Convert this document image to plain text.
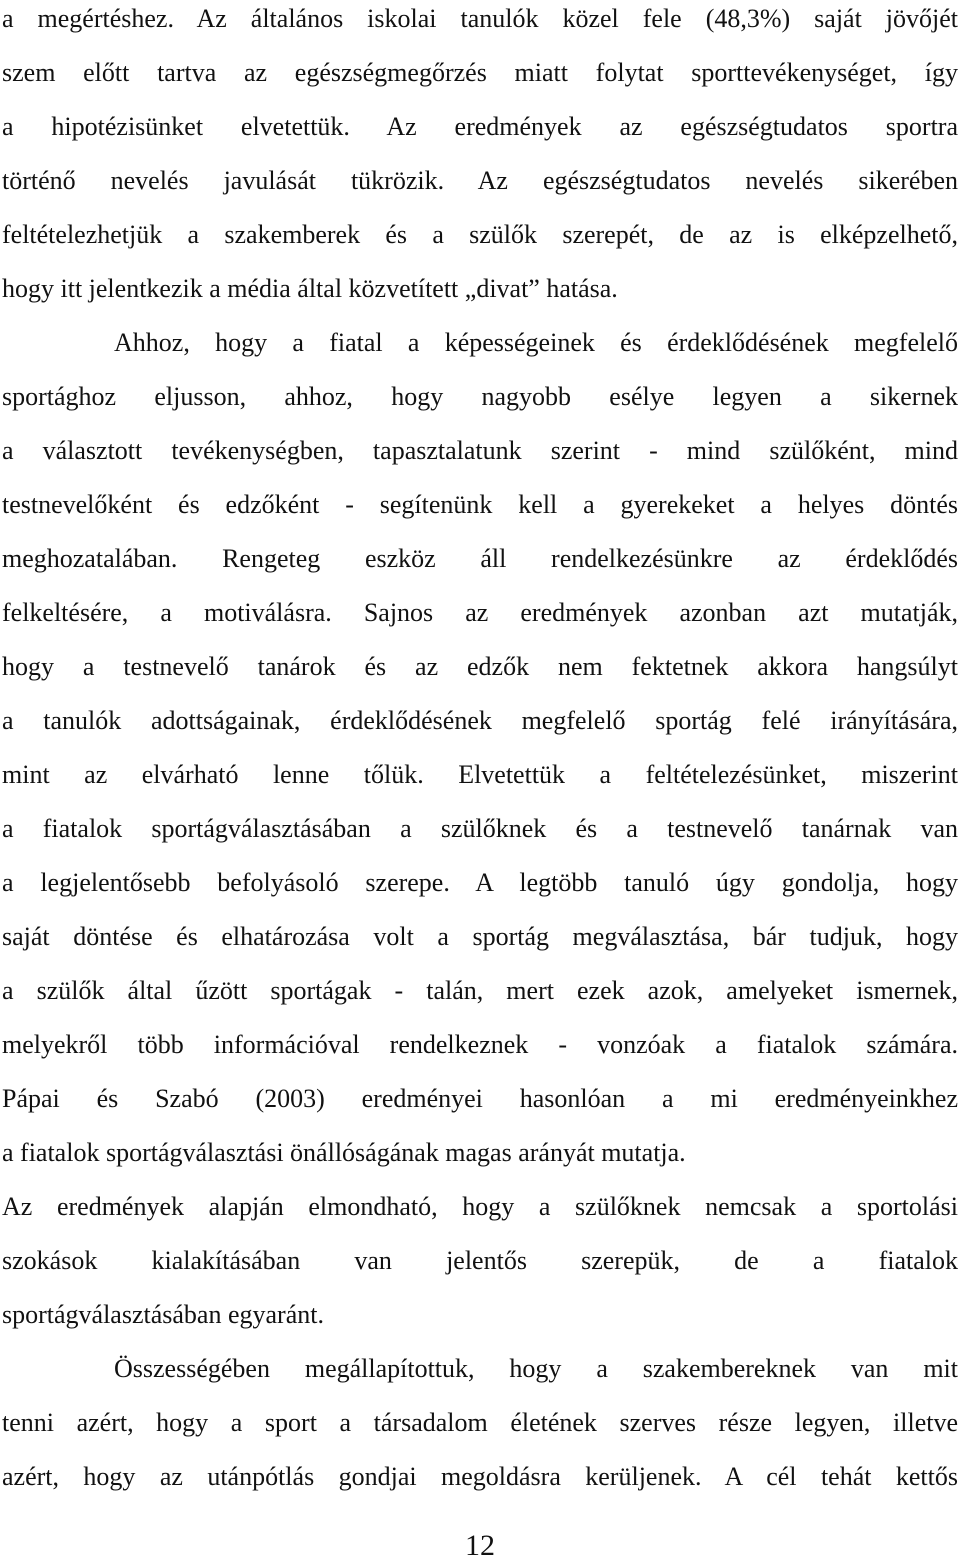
a megértéshez. Az általános iskolai tanulók közel fele (48,3%) saját jövőjét
szem előtt tartva az egészségmegőrzés miatt folytat sporttevékenységet, így
a hipotézisünket elvetettük. Az eredmények az egészségtudatos sportra
történő nevelés javulását tükrözik. Az egészségtudatos nevelés sikerében
feltételezhetjük a szakemberek és a szülők szerepét, de az is elképzelhető,
hogy itt jelentkezik a média által közvetített „divat” hatása.
Ahhoz, hogy a fiatal a képességeinek és érdeklődésének megfelelő
sportághoz eljusson, ahhoz, hogy nagyobb esélye legyen a sikernek
a választott tevékenységben, tapasztalatunk szerint - mind szülőként, mind
testnevelőként és edzőként - segítenünk kell a gyerekeket a helyes döntés
meghozatalában. Rengeteg eszköz áll rendelkezésünkre az érdeklődés
felkeltésére, a motiválásra. Sajnos az eredmények azonban azt mutatják,
hogy a testnevelő tanárok és az edzők nem fektetnek akkora hangsúlyt
a tanulók adottságainak, érdeklődésének megfelelő sportág felé irányítására,
mint az elvárható lenne tőlük. Elvetettük a feltételezésünket, miszerint
a fiatalok sportágválasztásában a szülőknek és a testnevelő tanárnak van
a legjelentősebb befolyásoló szerepe. A legtöbb tanuló úgy gondolja, hogy
saját döntése és elhatározása volt a sportág megválasztása, bár tudjuk, hogy
a szülők által űzött sportágak - talán, mert ezek azok, amelyeket ismernek,
melyekről több információval rendelkeznek - vonzóak a fiatalok számára.
Pápai és Szabó (2003) eredményei hasonlóan a mi eredményeinkhez
a fiatalok sportágválasztási önállóságának magas arányát mutatja.
Az eredmények alapján elmondható, hogy a szülőknek nemcsak a sportolási
szokások kialakításában van jelentős szerepük, de a fiatalok
sportágválasztásában egyaránt.
Összességében megállapítottuk, hogy a szakembereknek van mit
tenni azért, hogy a sport a társadalom életének szerves része legyen, illetve
azért, hogy az utánpótlás gondjai megoldásra kerüljenek. A cél tehát kettős
12
